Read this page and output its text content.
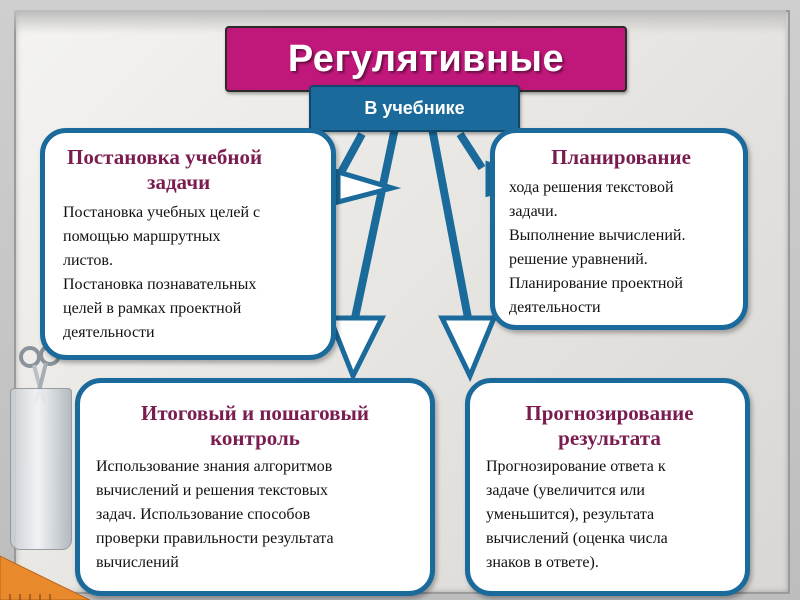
Регулятивные
В учебнике
Постановка учебной
задачи

Постановка учебных целей с

помощью маршрутных

листов.

Постановка познавательных

целей в рамках проектной

деятельности

Планирование

хода решения текстовой

задачи.

Выполнение вычислений.

решение уравнений.

Планирование проектной

деятельности

Итоговый и пошаговый
контроль

Использование знания алгоритмов

вычислений и решения текстовых

задач. Использование способов

проверки правильности результата

вычислений

Прогнозирование
результата

Прогнозирование ответа к

задаче (увеличится или

уменьшится), результата

вычислений (оценка числа

знаков в ответе).
